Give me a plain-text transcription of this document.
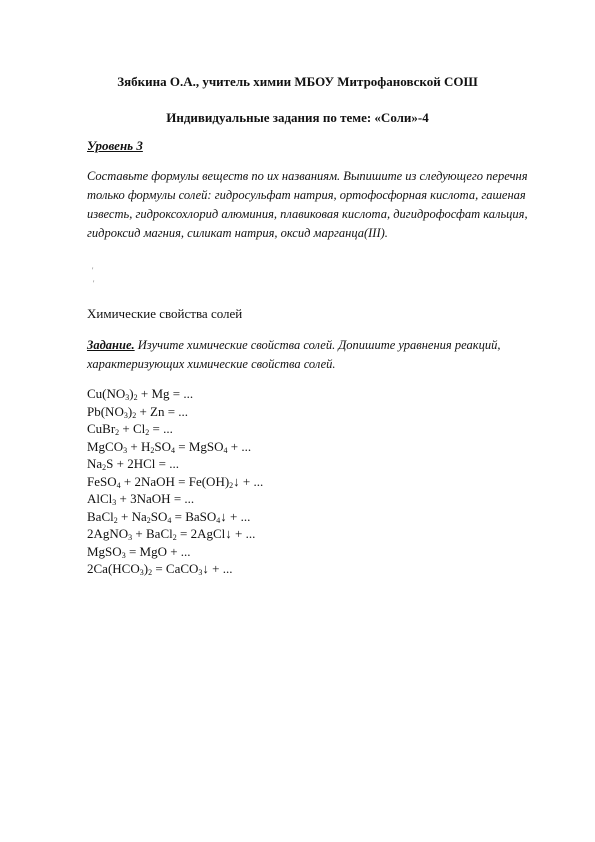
Зябкина О.А., учитель химии МБОУ Митрофановской СОШ
Индивидуальные задания по теме: «Соли»-4
Уровень 3
Составьте формулы веществ по их названиям. Выпишите из следующего перечня только формулы солей: гидросульфат натрия, ортофосфорная кислота, гашеная известь, гидроксохлорид алюминия, плавиковая кислота, дигидрофосфат кальция, гидроксид магния, силикат натрия, оксид марганца(III).
'
'
Химические свойства солей
Задание. Изучите химические свойства солей. Допишите уравнения реакций, характеризующих химические свойства солей.
$Cu(NO_3)_2 + Mg$ = ...
$Pb(NO_3)_2 + Zn$ = ...
CuBr$_2$ + $Cl_2$ = ...
MgCO$_3$ + $H_2SO_4$ = MgSO$_4$ + ...
$Na_2S + 2HCl$ = ...
FeSO$_4$ + 2NaOH = $Fe(OH)_2↓$ + ...
AlCl$_3$ + 3NaOH = ...
BaCl$_2$ + $Na_2SO_4$ = BaSO$_4$↓ + ...
2AgNO$_3$ + BaCl$_2$ = 2AgCl↓ + ...
MgSO$_3$ = MgO + ...
$2Ca(HCO_3)_2$ = CaCO$_3$↓ + ...
